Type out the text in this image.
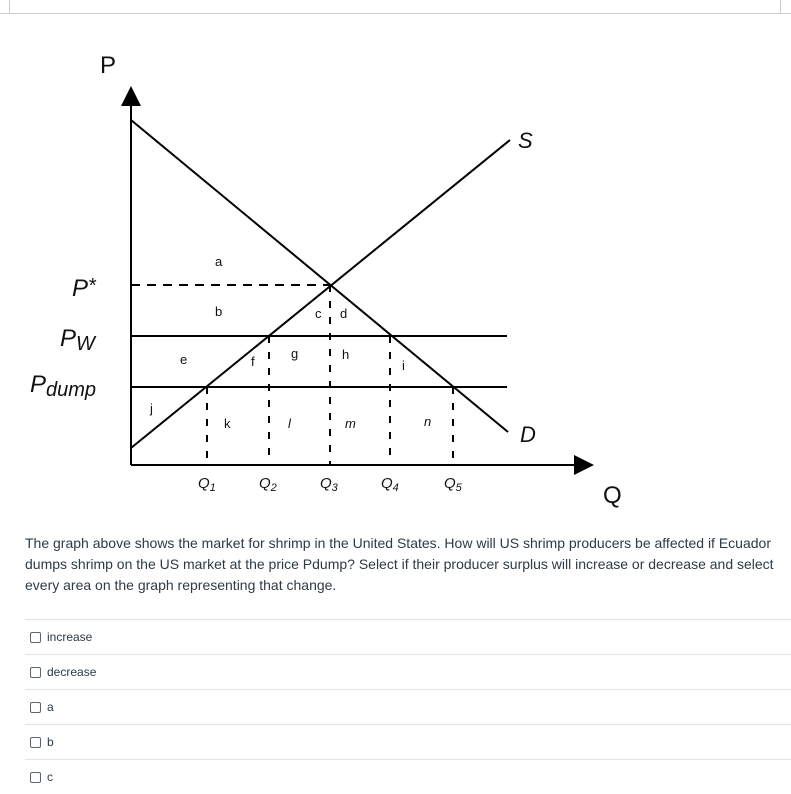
P
Q
P*
PW
Pdump
S
D
$Q_1$	$Q_2$	$Q_3$	$Q_4$	$Q_5$
a
b	c d
e	f
g	h
i
j
k	l	m	n
The graph above shows the market for shrimp in the United States. How will US shrimp producers be affected if Ecuador dumps shrimp on the US market at the price Pdump? Select if their producer surplus will increase or decrease and select every area on the graph representing that change.
increase
decrease
a
b
c
